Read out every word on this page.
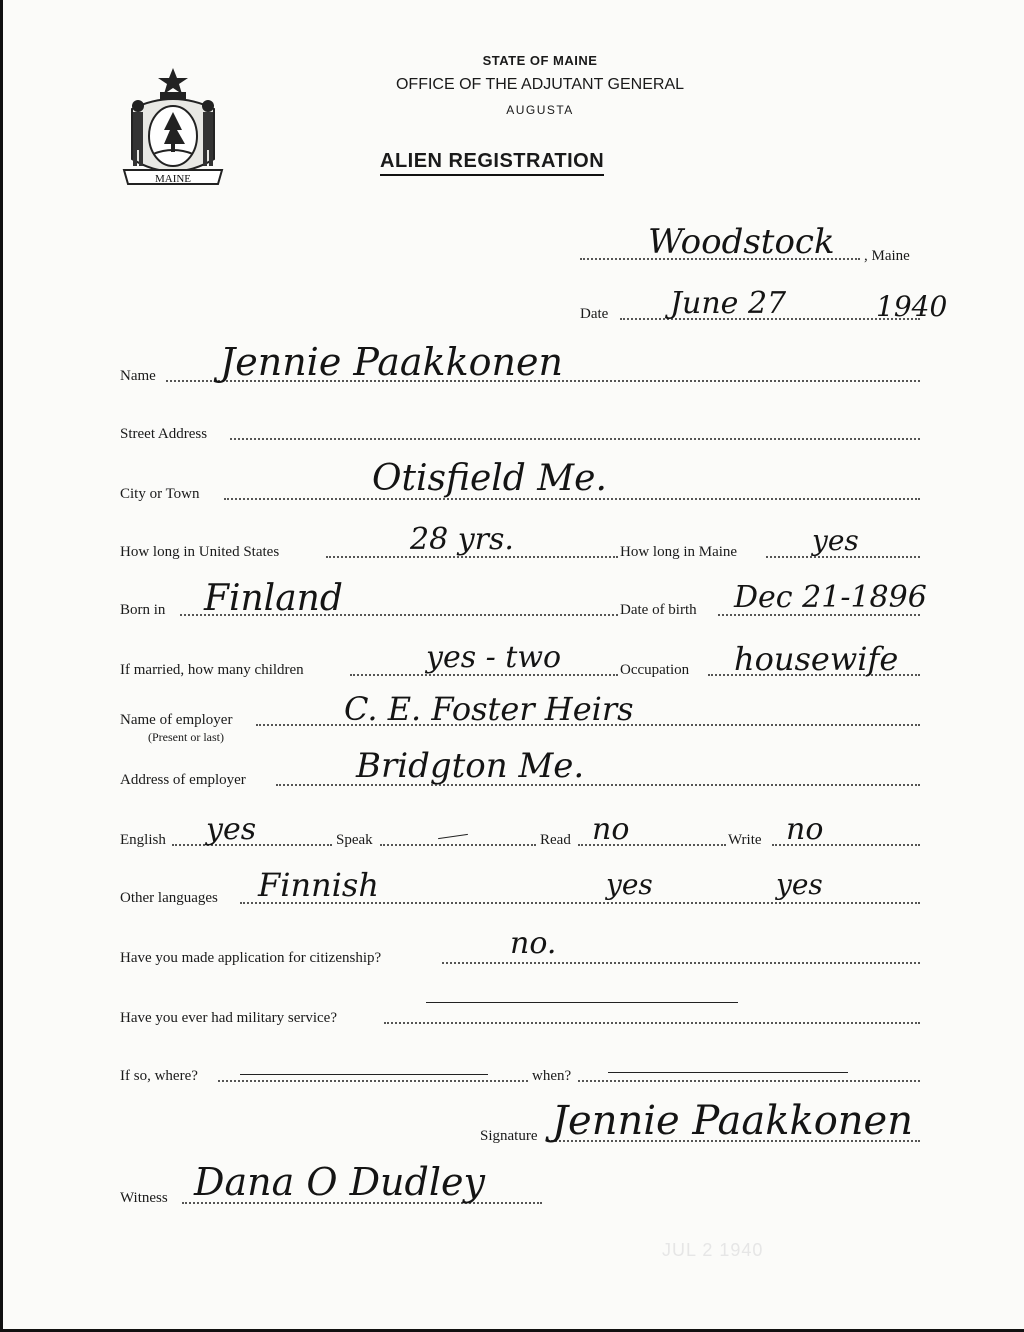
MAINE
STATE OF MAINE
OFFICE OF THE ADJUTANT GENERAL
AUGUSTA
ALIEN REGISTRATION
Woodstock , Maine
Date June 27	1940
Name Jennie Paakkonen
Street Address
City or Town	Otisfield Me.
How long in United States	28 yrs.	How long in Maine	yes
Born in Finland	Date of birth Dec 21-1896
If married, how many children	yes - two	Occupation housewife
Name of employer
(Present or last)
C. E. Foster Heirs
Address of employer	Bridgton Me.
English yes	Speak	Read no	Write no
Other languages Finnish	yes	yes
Have you made application for citizenship?	no.
Have you ever had military service?
If so, where?	when?
Signature Jennie Paakkonen
Witness Dana O Dudley
JUL 2 1940
